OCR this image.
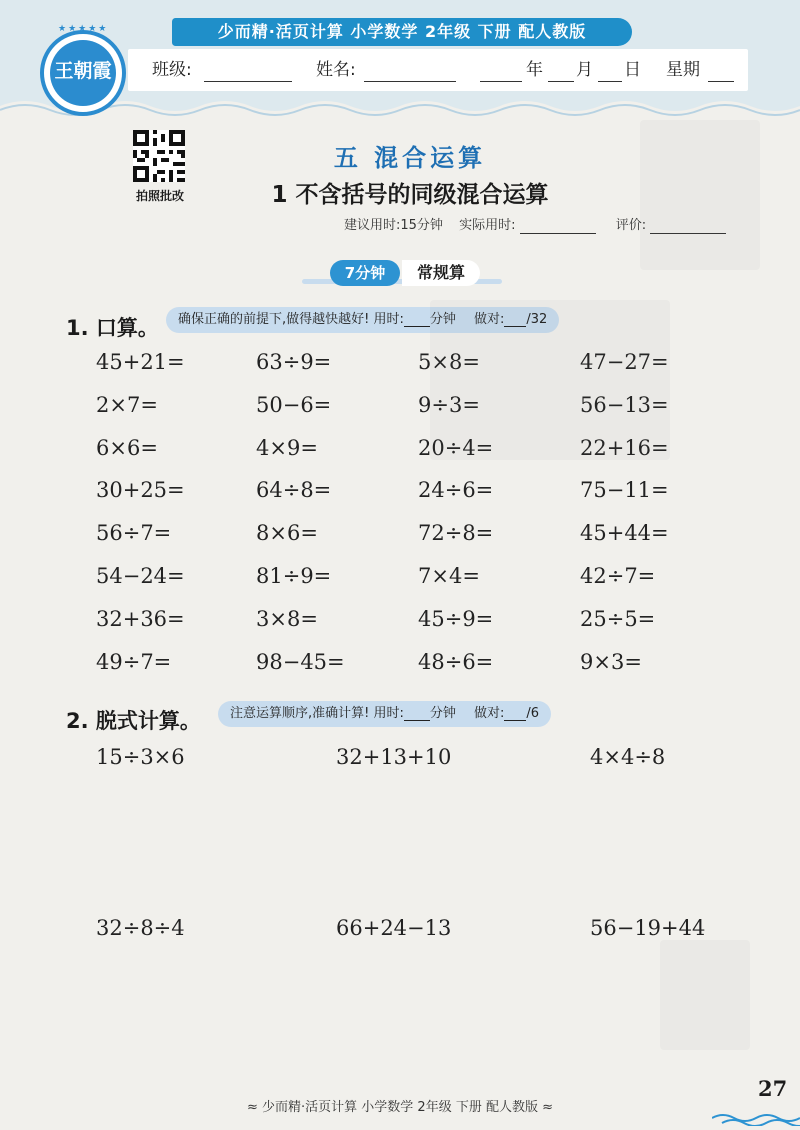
少而精·活页计算 小学数学 2年级 下册 配人教版
班级:	姓名:	年 月 日 星期
★★★★★
王朝霞
拍照批改
五 混合运算
1 不含括号的同级混合运算
建议用时:15分钟 实际用时:	评价:
7分钟	常规算
1. 口算。	确保正确的前提下,做得越快越好! 用时: 分钟 做对: /32
45+21=	63÷9=	5×8=	47−27=
2×7=	50−6=	9÷3=	56−13=
6×6=	4×9=	20÷4=	22+16=
30+25=	64÷8=	24÷6=	75−11=
56÷7=	8×6=	72÷8=	45+44=
54−24=	81÷9=	7×4=	42÷7=
32+36=	3×8=	45÷9=	25÷5=
49÷7=	98−45=	48÷6=	9×3=
2. 脱式计算。	注意运算顺序,准确计算! 用时: 分钟 做对: /6
15÷3×6	32+13+10	4×4÷8
32÷8÷4	66+24−13	56−19+44
≈ 少而精·活页计算 小学数学 2年级 下册 配人教版 ≈
27
